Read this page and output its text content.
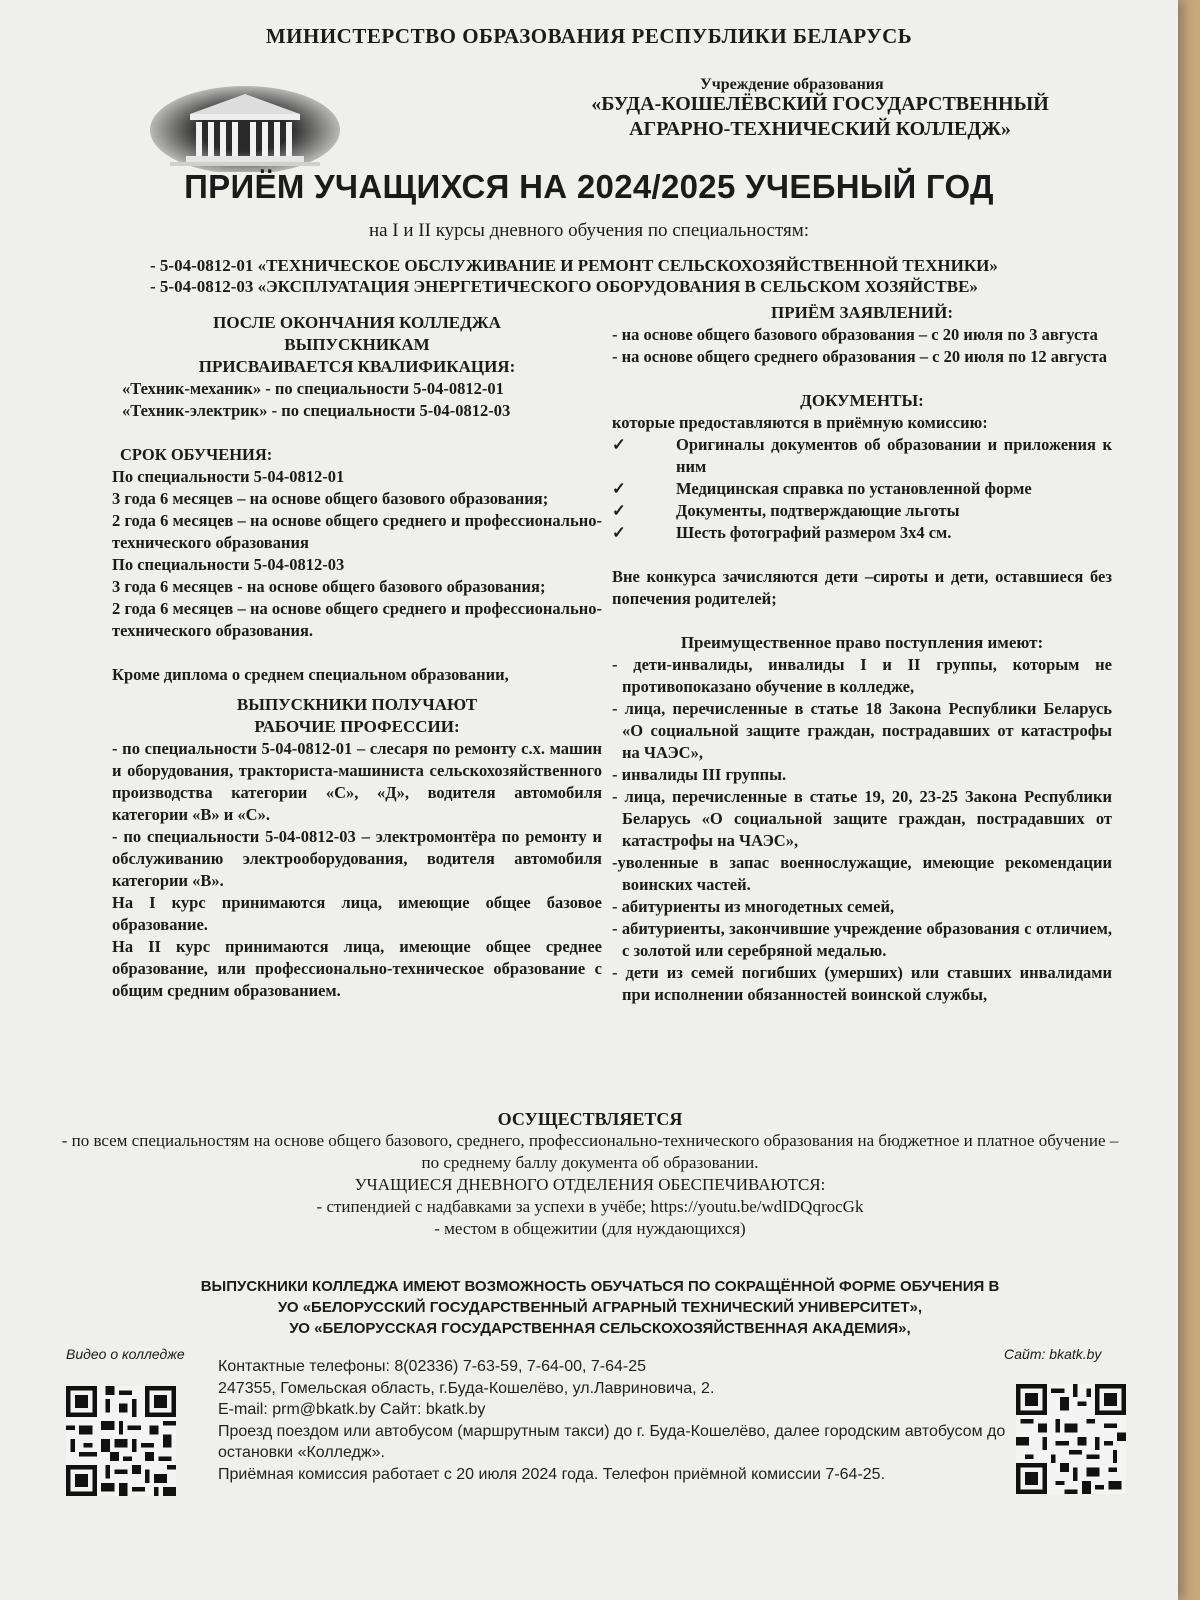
МИНИСТЕРСТВО ОБРАЗОВАНИЯ РЕСПУБЛИКИ БЕЛАРУСЬ
Учреждение образования
«БУДА-КОШЕЛЁВСКИЙ ГОСУДАРСТВЕННЫЙ
АГРАРНО-ТЕХНИЧЕСКИЙ КОЛЛЕДЖ»
ПРИЁМ УЧАЩИХСЯ НА 2024/2025 УЧЕБНЫЙ ГОД
на I и II курсы дневного обучения по специальностям:
- 5-04-0812-01 «ТЕХНИЧЕСКОЕ ОБСЛУЖИВАНИЕ И РЕМОНТ СЕЛЬСКОХОЗЯЙСТВЕННОЙ ТЕХНИКИ»
- 5-04-0812-03 «ЭКСПЛУАТАЦИЯ ЭНЕРГЕТИЧЕСКОГО ОБОРУДОВАНИЯ В СЕЛЬСКОМ ХОЗЯЙСТВЕ»

ПОСЛЕ ОКОНЧАНИЯ КОЛЛЕДЖА

ВЫПУСКНИКАМ

ПРИСВАИВАЕТСЯ КВАЛИФИКАЦИЯ:

«Техник-механик» - по специальности 5-04-0812-01

«Техник-электрик» - по специальности 5-04-0812-03

СРОК ОБУЧЕНИЯ:

По специальности 5-04-0812-01

3 года 6 месяцев – на основе общего базового образования;

2 года 6 месяцев – на основе общего среднего и профессионально-технического образования

По специальности 5-04-0812-03

3 года 6 месяцев - на основе общего базового образования;

2 года 6 месяцев – на основе общего среднего и профессионально-технического образования.

Кроме диплома о среднем специальном образовании,

ВЫПУСКНИКИ ПОЛУЧАЮТ

РАБОЧИЕ ПРОФЕССИИ:

- по специальности 5-04-0812-01 – слесаря по ремонту с.х. машин и оборудования, тракториста-машиниста сельскохозяйственного производства категории «С», «Д», водителя автомобиля категории «В» и «С».

- по специальности 5-04-0812-03 – электромонтёра по ремонту и обслуживанию электрооборудования, водителя автомобиля категории «В».

На I курс принимаются лица, имеющие общее базовое образование.

На II курс принимаются лица, имеющие общее среднее образование, или профессионально-техническое образование с общим средним образованием.

ПРИЁМ ЗАЯВЛЕНИЙ:

- на основе общего базового образования – с 20 июля по 3 августа

- на основе общего среднего образования – с 20 июля по 12 августа

ДОКУМЕНТЫ:

которые предоставляются в приёмную комиссию:

✓	Оригиналы документов об образовании и приложения к ним
✓	Медицинская справка по установленной форме
✓	Документы, подтверждающие льготы
✓	Шесть фотографий размером 3х4 см.

Вне конкурса зачисляются дети –сироты и дети, оставшиеся без попечения родителей;

Преимущественное право поступления имеют:

- дети-инвалиды, инвалиды I и II группы, которым не противопоказано обучение в колледже,

- лица, перечисленные в статье 18 Закона Республики Беларусь «О социальной защите граждан, пострадавших от катастрофы на ЧАЭС»,

- инвалиды III группы.

- лица, перечисленные в статье 19, 20, 23-25 Закона Республики Беларусь «О социальной защите граждан, пострадавших от катастрофы на ЧАЭС»,

-уволенные в запас военнослужащие, имеющие рекомендации воинских частей.

- абитуриенты из многодетных семей,

- абитуриенты, закончившие учреждение образования с отличием, с золотой или серебряной медалью.

- дети из семей погибших (умерших) или ставших инвалидами при исполнении обязанностей воинской службы,

ОСУЩЕСТВЛЯЕТСЯ
- по всем специальностям на основе общего базового, среднего, профессионально-технического образования на бюджетное и платное обучение – по среднему баллу документа об образовании.
УЧАЩИЕСЯ ДНЕВНОГО ОТДЕЛЕНИЯ ОБЕСПЕЧИВАЮТСЯ:
- стипендией с надбавками за успехи в учёбе; https://youtu.be/wdIDQqrocGk
- местом в общежитии (для нуждающихся)
ВЫПУСКНИКИ КОЛЛЕДЖА ИМЕЮТ ВОЗМОЖНОСТЬ ОБУЧАТЬСЯ ПО СОКРАЩЁННОЙ ФОРМЕ ОБУЧЕНИЯ В
УО «БЕЛОРУССКИЙ ГОСУДАРСТВЕННЫЙ АГРАРНЫЙ ТЕХНИЧЕСКИЙ УНИВЕРСИТЕТ»,
УО «БЕЛОРУССКАЯ ГОСУДАРСТВЕННАЯ СЕЛЬСКОХОЗЯЙСТВЕННАЯ АКАДЕМИЯ»,
Видео о колледже	Сайт: bkatk.by

Контактные телефоны: 8(02336) 7-63-59, 7-64-00, 7-64-25

247355, Гомельская область, г.Буда-Кошелёво, ул.Лавриновича, 2.

E-mail: prm@bkatk.by Сайт: bkatk.by

Проезд поездом или автобусом (маршрутным такси) до г. Буда-Кошелёво, далее городским автобусом до остановки «Колледж».

Приёмная комиссия работает с 20 июля 2024 года. Телефон приёмной комиссии 7-64-25.
